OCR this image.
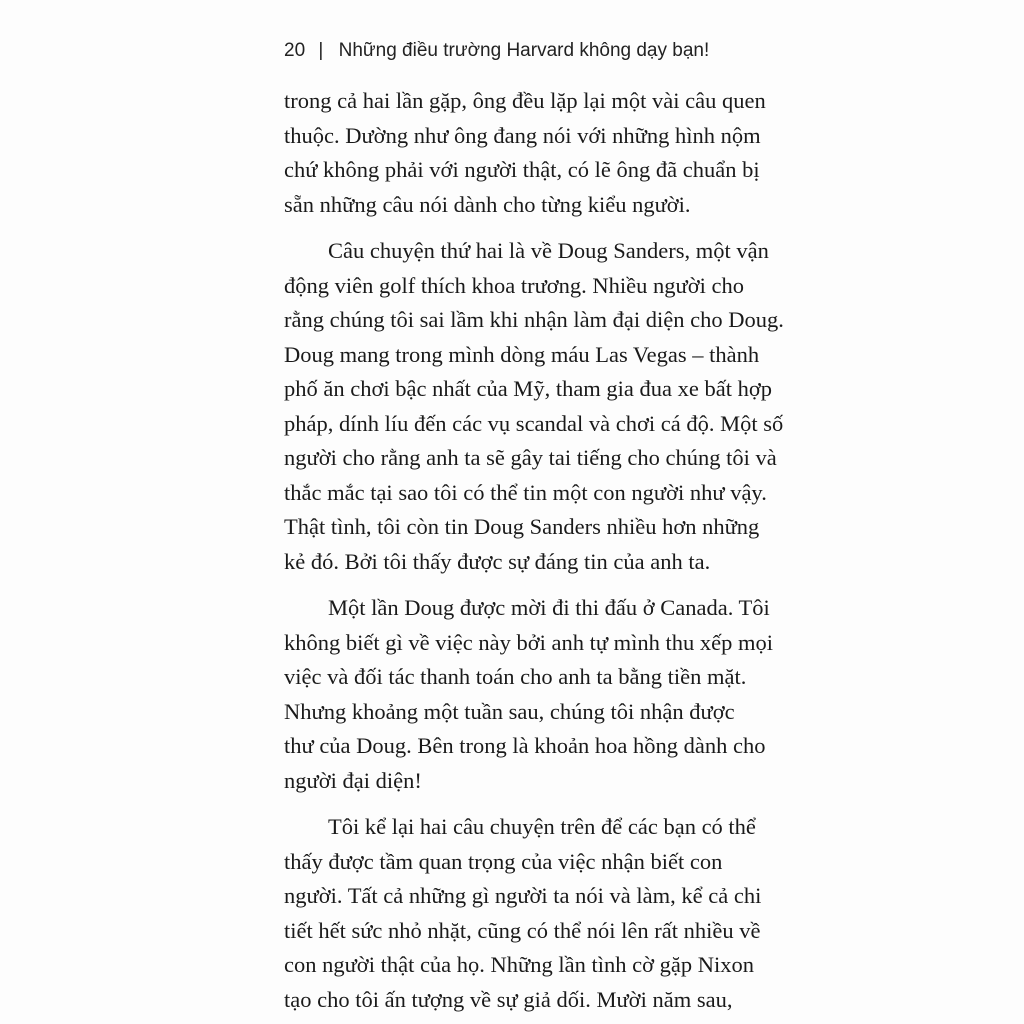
20 | Những điều trường Harvard không dạy bạn!

trong cả hai lần gặp, ông đều lặp lại một vài câu quen
thuộc. Dường như ông đang nói với những hình nộm
chứ không phải với người thật, có lẽ ông đã chuẩn bị
sẵn những câu nói dành cho từng kiểu người.

Câu chuyện thứ hai là về Doug Sanders, một vận
động viên golf thích khoa trương. Nhiều người cho
rằng chúng tôi sai lầm khi nhận làm đại diện cho Doug.
Doug mang trong mình dòng máu Las Vegas – thành
phố ăn chơi bậc nhất của Mỹ, tham gia đua xe bất hợp
pháp, dính líu đến các vụ scandal và chơi cá độ. Một số
người cho rằng anh ta sẽ gây tai tiếng cho chúng tôi và
thắc mắc tại sao tôi có thể tin một con người như vậy.
Thật tình, tôi còn tin Doug Sanders nhiều hơn những
kẻ đó. Bởi tôi thấy được sự đáng tin của anh ta.

Một lần Doug được mời đi thi đấu ở Canada. Tôi
không biết gì về việc này bởi anh tự mình thu xếp mọi
việc và đối tác thanh toán cho anh ta bằng tiền mặt.
Nhưng khoảng một tuần sau, chúng tôi nhận được
thư của Doug. Bên trong là khoản hoa hồng dành cho
người đại diện!

Tôi kể lại hai câu chuyện trên để các bạn có thể
thấy được tầm quan trọng của việc nhận biết con
người. Tất cả những gì người ta nói và làm, kể cả chi
tiết hết sức nhỏ nhặt, cũng có thể nói lên rất nhiều về
con người thật của họ. Những lần tình cờ gặp Nixon
tạo cho tôi ấn tượng về sự giả dối. Mười năm sau,
